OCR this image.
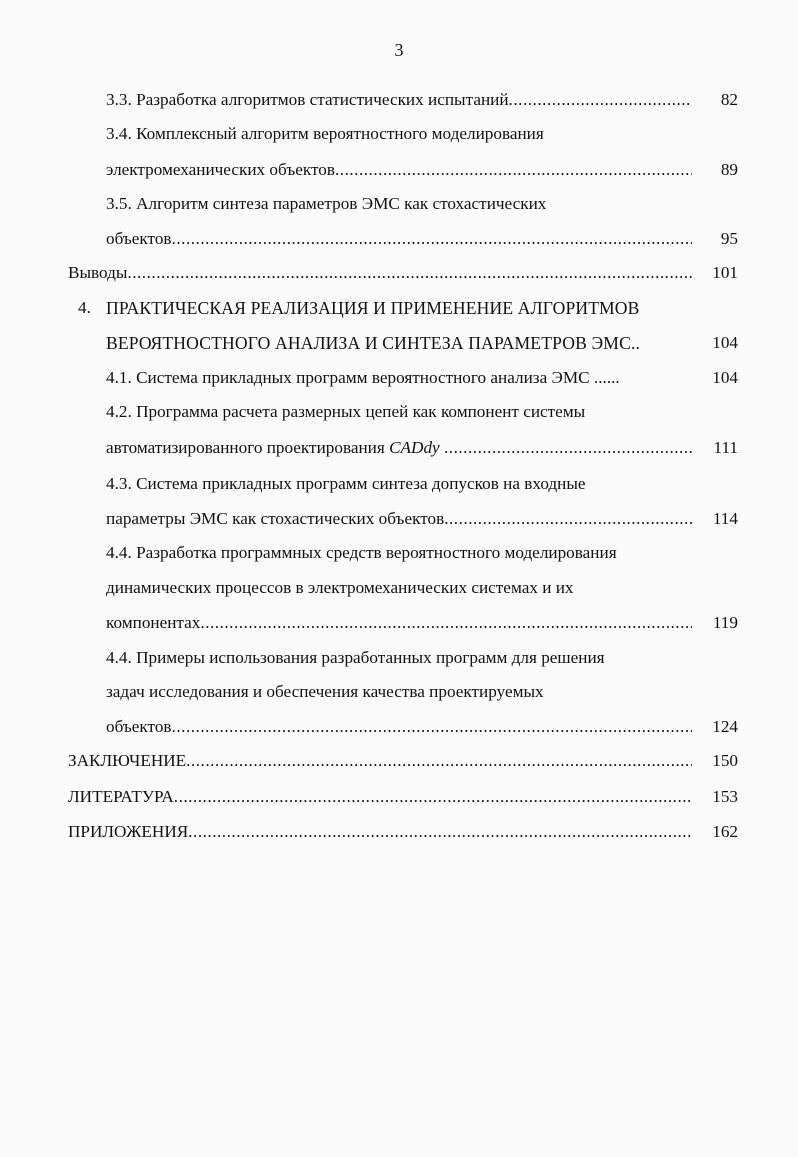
3
3.3. Разработка алгоритмов статистических испытаний .....	82
3.4. Комплексный алгоритм вероятностного моделирования
электромеханических объектов .....	89
3.5. Алгоритм синтеза параметров ЭМС как стохастических
объектов .....	95
Выводы .....	101
4. ПРАКТИЧЕСКАЯ РЕАЛИЗАЦИЯ И ПРИМЕНЕНИЕ АЛГОРИТМОВ
ВЕРОЯТНОСТНОГО АНАЛИЗА И СИНТЕЗА ПАРАМЕТРОВ ЭМС..	104
4.1. Система прикладных программ вероятностного анализа ЭМС ......	104
4.2. Программа расчета размерных цепей как компонент системы
автоматизированного проектирования CADdy .....	111
4.3. Система прикладных программ синтеза допусков на входные
параметры ЭМС как стохастических объектов .....	114
4.4. Разработка программных средств вероятностного моделирования
динамических процессов в электромеханических системах и их
компонентах .....	119
4.4. Примеры использования разработанных программ для решения
задач исследования и обеспечения качества проектируемых
объектов .....	124
ЗАКЛЮЧЕНИЕ .....	150
ЛИТЕРАТУРА .....	153
ПРИЛОЖЕНИЯ .....	162
